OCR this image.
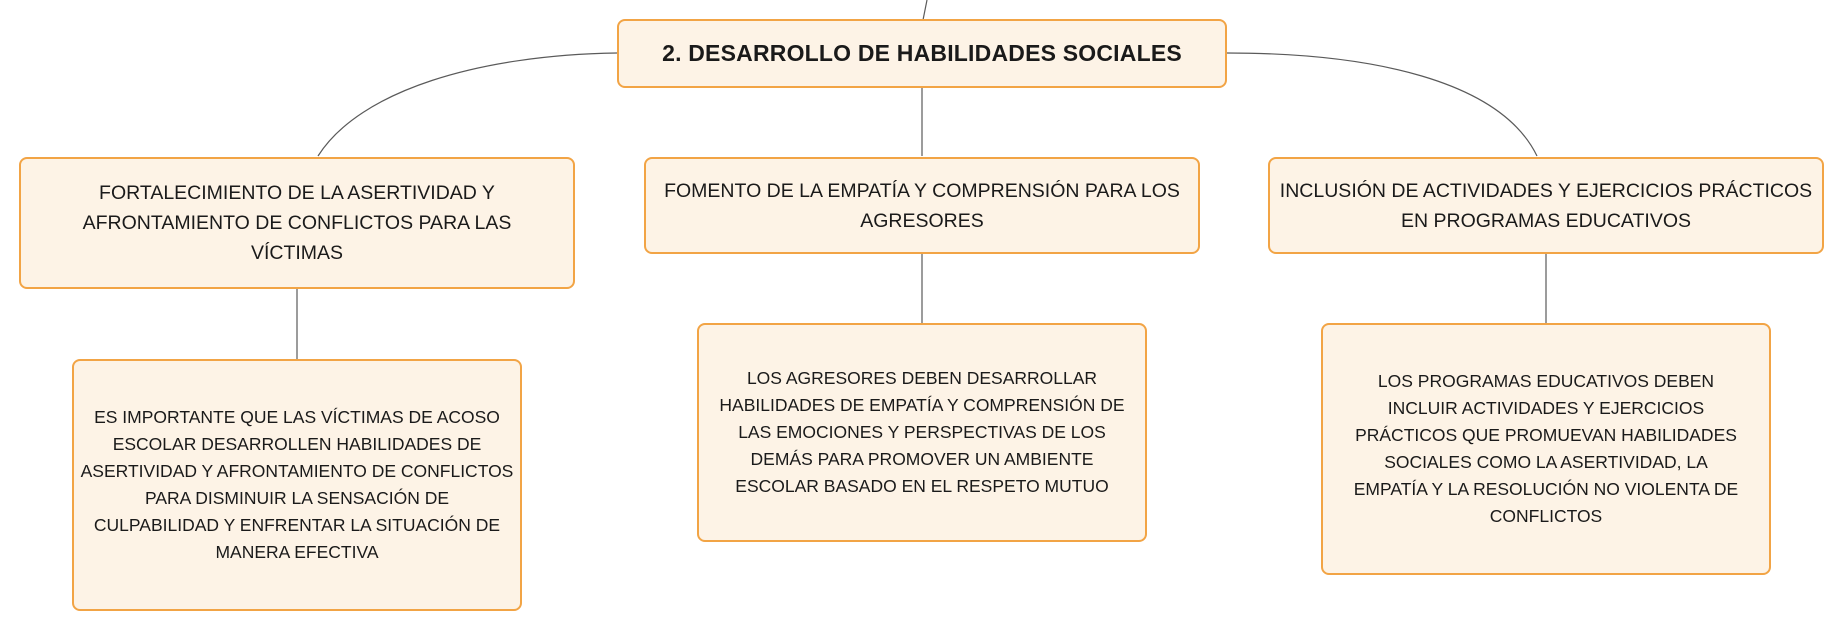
2. DESARROLLO DE HABILIDADES SOCIALES
FORTALECIMIENTO DE LA ASERTIVIDAD Y AFRONTAMIENTO DE CONFLICTOS PARA LAS VÍCTIMAS
FOMENTO DE LA EMPATÍA Y COMPRENSIÓN PARA LOS AGRESORES
INCLUSIÓN DE ACTIVIDADES Y EJERCICIOS PRÁCTICOS EN PROGRAMAS EDUCATIVOS
ES IMPORTANTE QUE LAS VÍCTIMAS DE ACOSO ESCOLAR DESARROLLEN HABILIDADES DE ASERTIVIDAD Y AFRONTAMIENTO DE CONFLICTOS PARA DISMINUIR LA SENSACIÓN DE CULPABILIDAD Y ENFRENTAR LA SITUACIÓN DE MANERA EFECTIVA
LOS AGRESORES DEBEN DESARROLLAR HABILIDADES DE EMPATÍA Y COMPRENSIÓN DE LAS EMOCIONES Y PERSPECTIVAS DE LOS DEMÁS PARA PROMOVER UN AMBIENTE ESCOLAR BASADO EN EL RESPETO MUTUO
LOS PROGRAMAS EDUCATIVOS DEBEN INCLUIR ACTIVIDADES Y EJERCICIOS PRÁCTICOS QUE PROMUEVAN HABILIDADES SOCIALES COMO LA ASERTIVIDAD, LA EMPATÍA Y LA RESOLUCIÓN NO VIOLENTA DE CONFLICTOS
